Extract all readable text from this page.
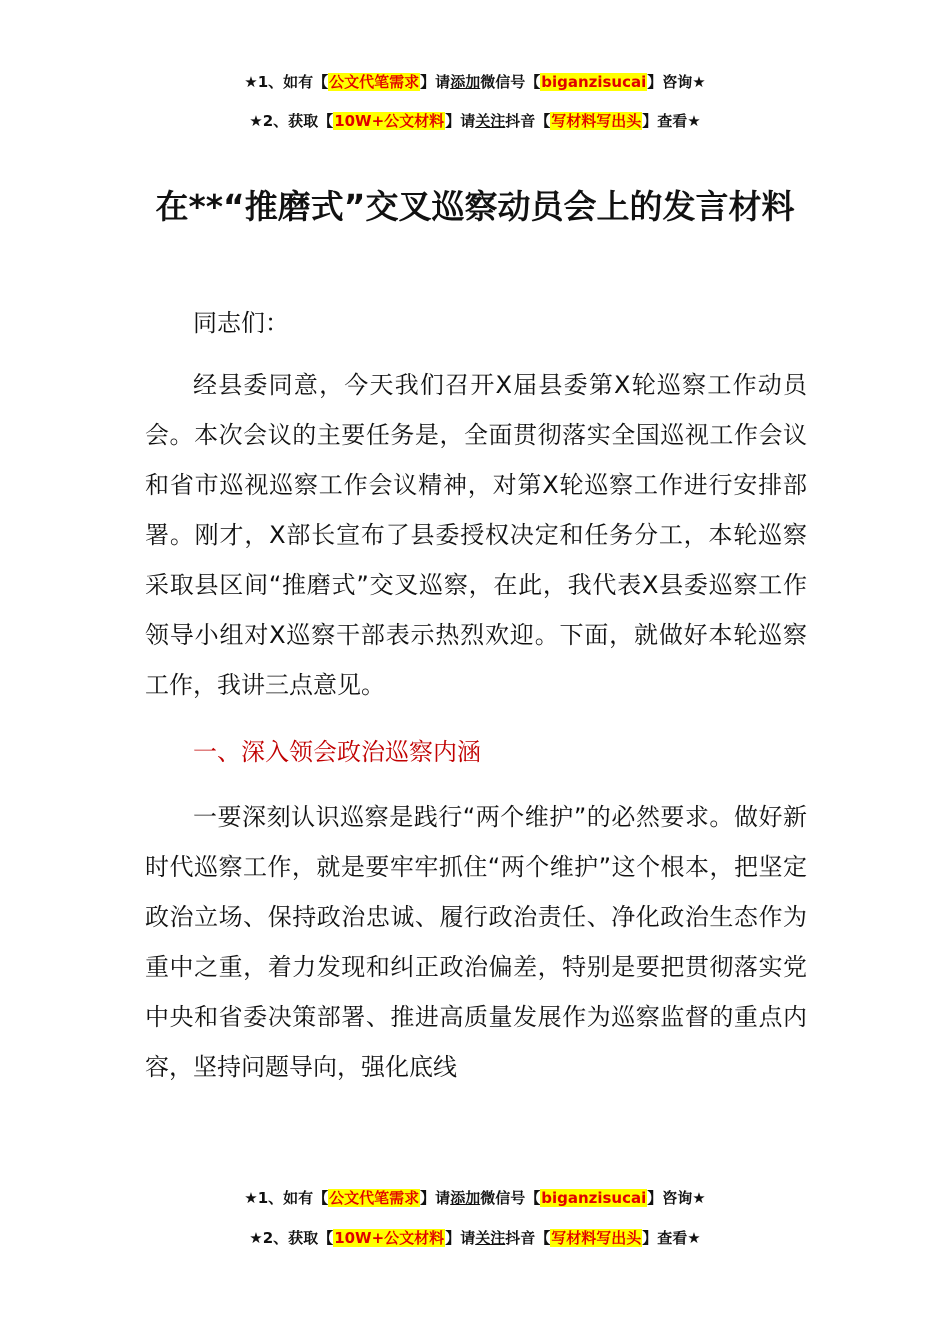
★1、如有【公文代笔需求】请添加微信号【biganzisucai】咨询★
★2、获取【10W+公文材料】请关注抖音【写材料写出头】查看★
在**“推磨式”交叉巡察动员会上的发言材料

同志们：

经县委同意，今天我们召开X届县委第X轮巡察工作动员会。本次会议的主要任务是，全面贯彻落实全国巡视工作会议和省市巡视巡察工作会议精神，对第X轮巡察工作进行安排部署。刚才，X部长宣布了县委授权决定和任务分工，本轮巡察采取县区间“推磨式”交叉巡察，在此，我代表X县委巡察工作领导小组对X巡察干部表示热烈欢迎。下面，就做好本轮巡察工作，我讲三点意见。

一、深入领会政治巡察内涵

一要深刻认识巡察是践行“两个维护”的必然要求。做好新时代巡察工作，就是要牢牢抓住“两个维护”这个根本，把坚定政治立场、保持政治忠诚、履行政治责任、净化政治生态作为重中之重，着力发现和纠正政治偏差，特别是要把贯彻落实党中央和省委决策部署、推进高质量发展作为巡察监督的重点内容，坚持问题导向，强化底线

★1、如有【公文代笔需求】请添加微信号【biganzisucai】咨询★
★2、获取【10W+公文材料】请关注抖音【写材料写出头】查看★
